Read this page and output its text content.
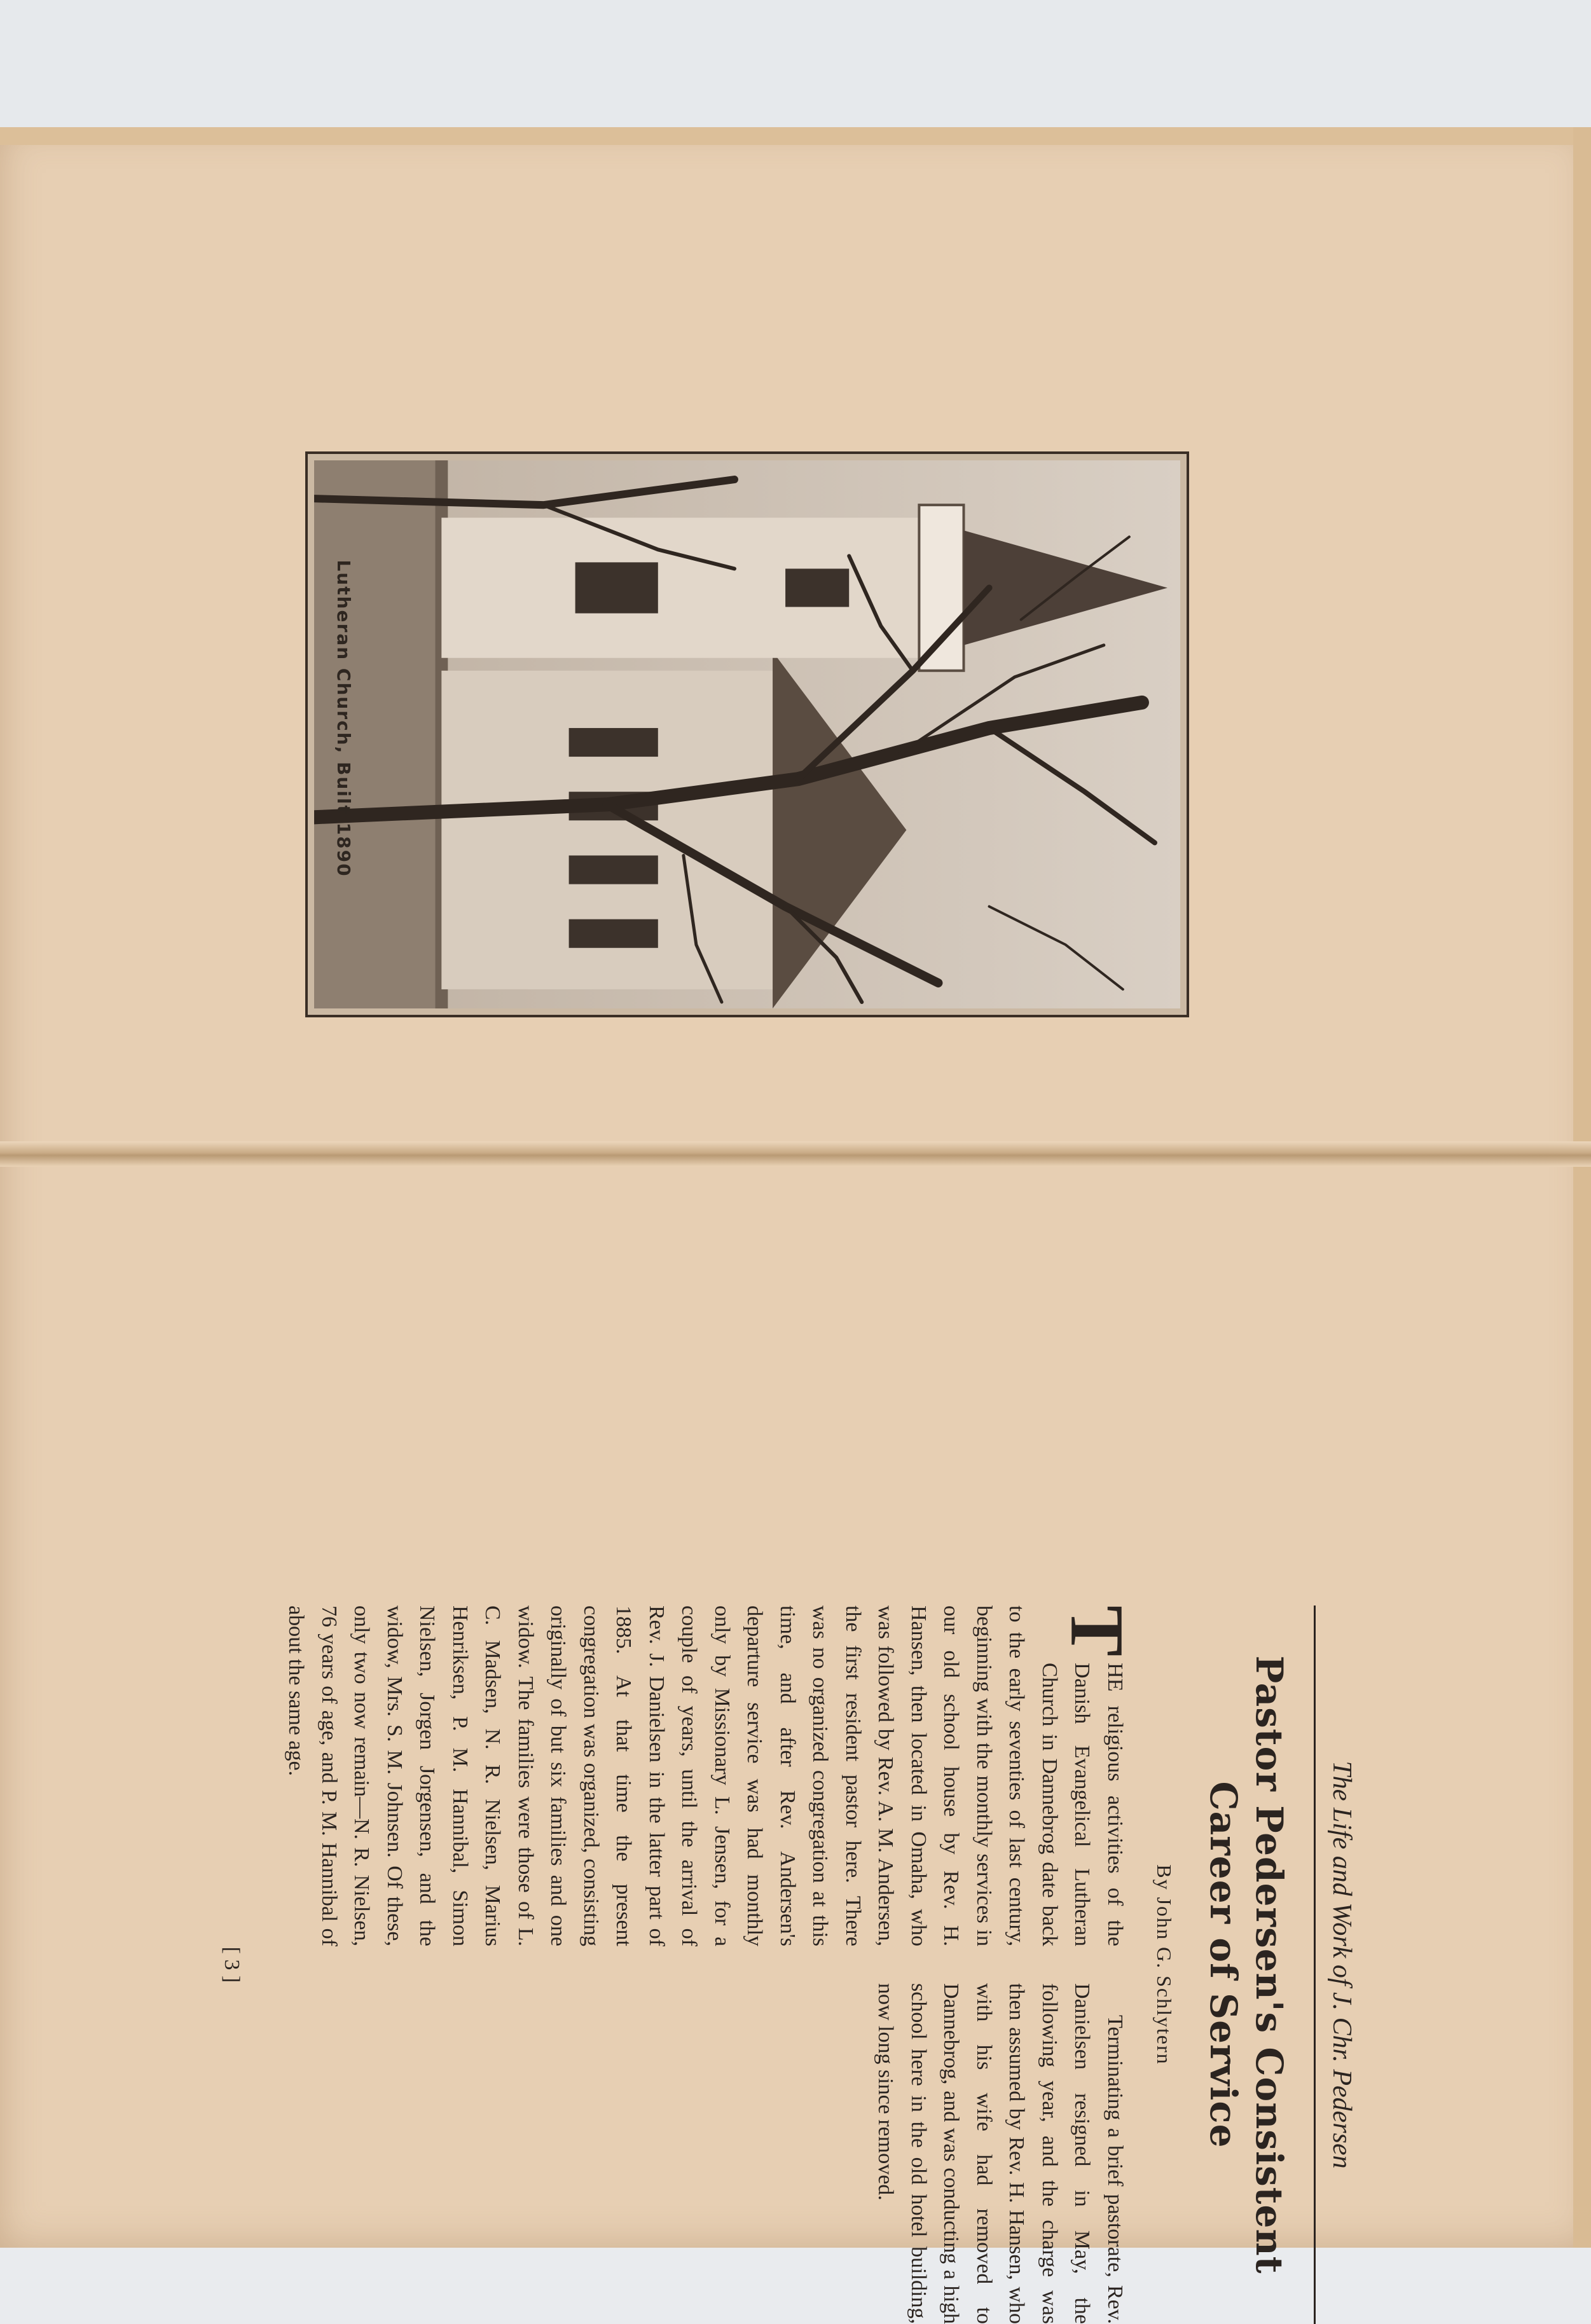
Lutheran Church, Built 1890
The Life and Work of J. Chr. Pedersen
Pastor Pedersen's Consistent
Career of Service
By John G. Schlytern
T

HE religious activities of the Danish Evangelical Lutheran Church in Dannebrog date back to the early seventies of last century, beginning with the monthly services in our old school house by Rev. H. Hansen, then located in Omaha, who was followed by Rev. A. M. Andersen, the first resident pastor here. There was no organized congregation at this time, and after Rev. Andersen's departure service was had monthly only by Missionary L. Jensen, for a couple of years, until the arrival of Rev. J. Danielsen in the latter part of 1885. At that time the present congregation was organized, consisting originally of but six families and one widow. The families were those of L. C. Madsen, N. R. Nielsen, Marius Henriksen, P. M. Hannibal, Simon Nielsen, Jorgen Jorgensen, and the widow, Mrs. S. M. Johnsen. Of these, only two now remain—N. R. Nielsen, 76 years of age, and P. M. Hannibal of about the same age.

Terminating a brief pastorate, Rev. Danielsen resigned in May, the following year, and the charge was then assumed by Rev. H. Hansen, who with his wife had removed to Dannebrog, and was conducting a high school here in the old hotel building, now long since removed.

[ 3 ]
